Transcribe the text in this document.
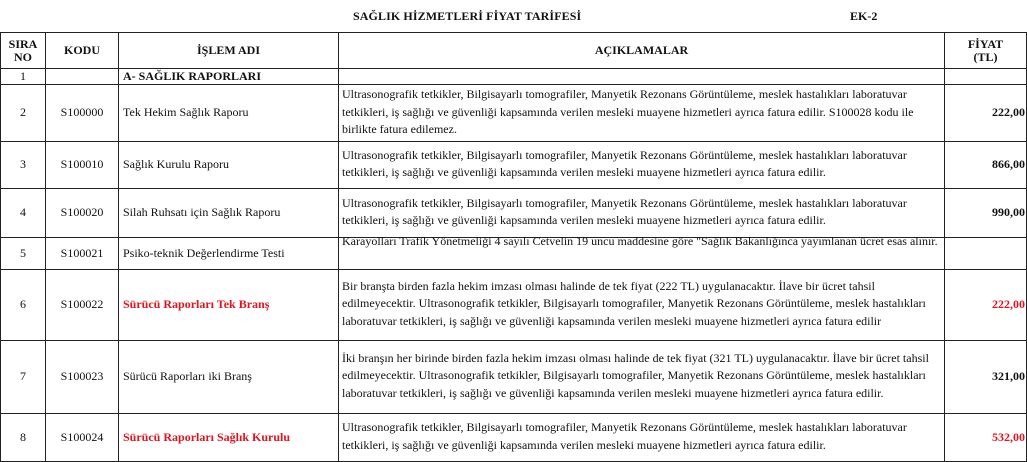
SAĞLIK HİZMETLERİ FİYAT TARİFESİ	EK-2
SIRA
NO	KODU	İŞLEM ADI	AÇIKLAMALAR	FİYAT
(TL)
1		A- SAĞLIK RAPORLARI		
2	S100000	Tek Hekim Sağlık Raporu	Ultrasonografik tetkikler, Bilgisayarlı tomografiler, Manyetik Rezonans Görüntüleme, meslek hastalıkları laboratuvar tetkikleri, iş sağlığı ve güvenliği kapsamında verilen mesleki muayene hizmetleri ayrıca fatura edilir. S100028 kodu ile birlikte fatura edilemez.	222,00
3	S100010	Sağlık Kurulu Raporu	Ultrasonografik tetkikler, Bilgisayarlı tomografiler, Manyetik Rezonans Görüntüleme, meslek hastalıkları laboratuvar tetkikleri, iş sağlığı ve güvenliği kapsamında verilen mesleki muayene hizmetleri ayrıca fatura edilir.	866,00
4	S100020	Silah Ruhsatı için Sağlık Raporu	Ultrasonografik tetkikler, Bilgisayarlı tomografiler, Manyetik Rezonans Görüntüleme, meslek hastalıkları laboratuvar tetkikleri, iş sağlığı ve güvenliği kapsamında verilen mesleki muayene hizmetleri ayrıca fatura edilir.	990,00
5	S100021	Psiko-teknik Değerlendirme Testi	Karayolları Trafik Yönetmeliği 4 sayılı Cetvelin 19 uncu maddesine göre "Sağlık Bakanlığınca yayımlanan ücret esas alınır.	

6	S100022	Sürücü Raporları Tek Branş	Bir branşta birden fazla hekim imzası olması halinde de tek fiyat (222 TL) uygulanacaktır. İlave bir ücret tahsil edilmeyecektir. Ultrasonografik tetkikler, Bilgisayarlı tomografiler, Manyetik Rezonans Görüntüleme, meslek hastalıkları laboratuvar tetkikleri, iş sağlığı ve güvenliği kapsamında verilen mesleki muayene hizmetleri ayrıca fatura edilir	222,00
7	S100023	Sürücü Raporları iki Branş	İki branşın her birinde birden fazla hekim imzası olması halinde de tek fiyat (321 TL) uygulanacaktır. İlave bir ücret tahsil edilmeyecektir. Ultrasonografik tetkikler, Bilgisayarlı tomografiler, Manyetik Rezonans Görüntüleme, meslek hastalıkları laboratuvar tetkikleri, iş sağlığı ve güvenliği kapsamında verilen mesleki muayene hizmetleri ayrıca fatura edilir.	321,00
8	S100024	Sürücü Raporları Sağlık Kurulu	Ultrasonografik tetkikler, Bilgisayarlı tomografiler, Manyetik Rezonans Görüntüleme, meslek hastalıkları laboratuvar tetkikleri, iş sağlığı ve güvenliği kapsamında verilen mesleki muayene hizmetleri ayrıca fatura edilir.	532,00
